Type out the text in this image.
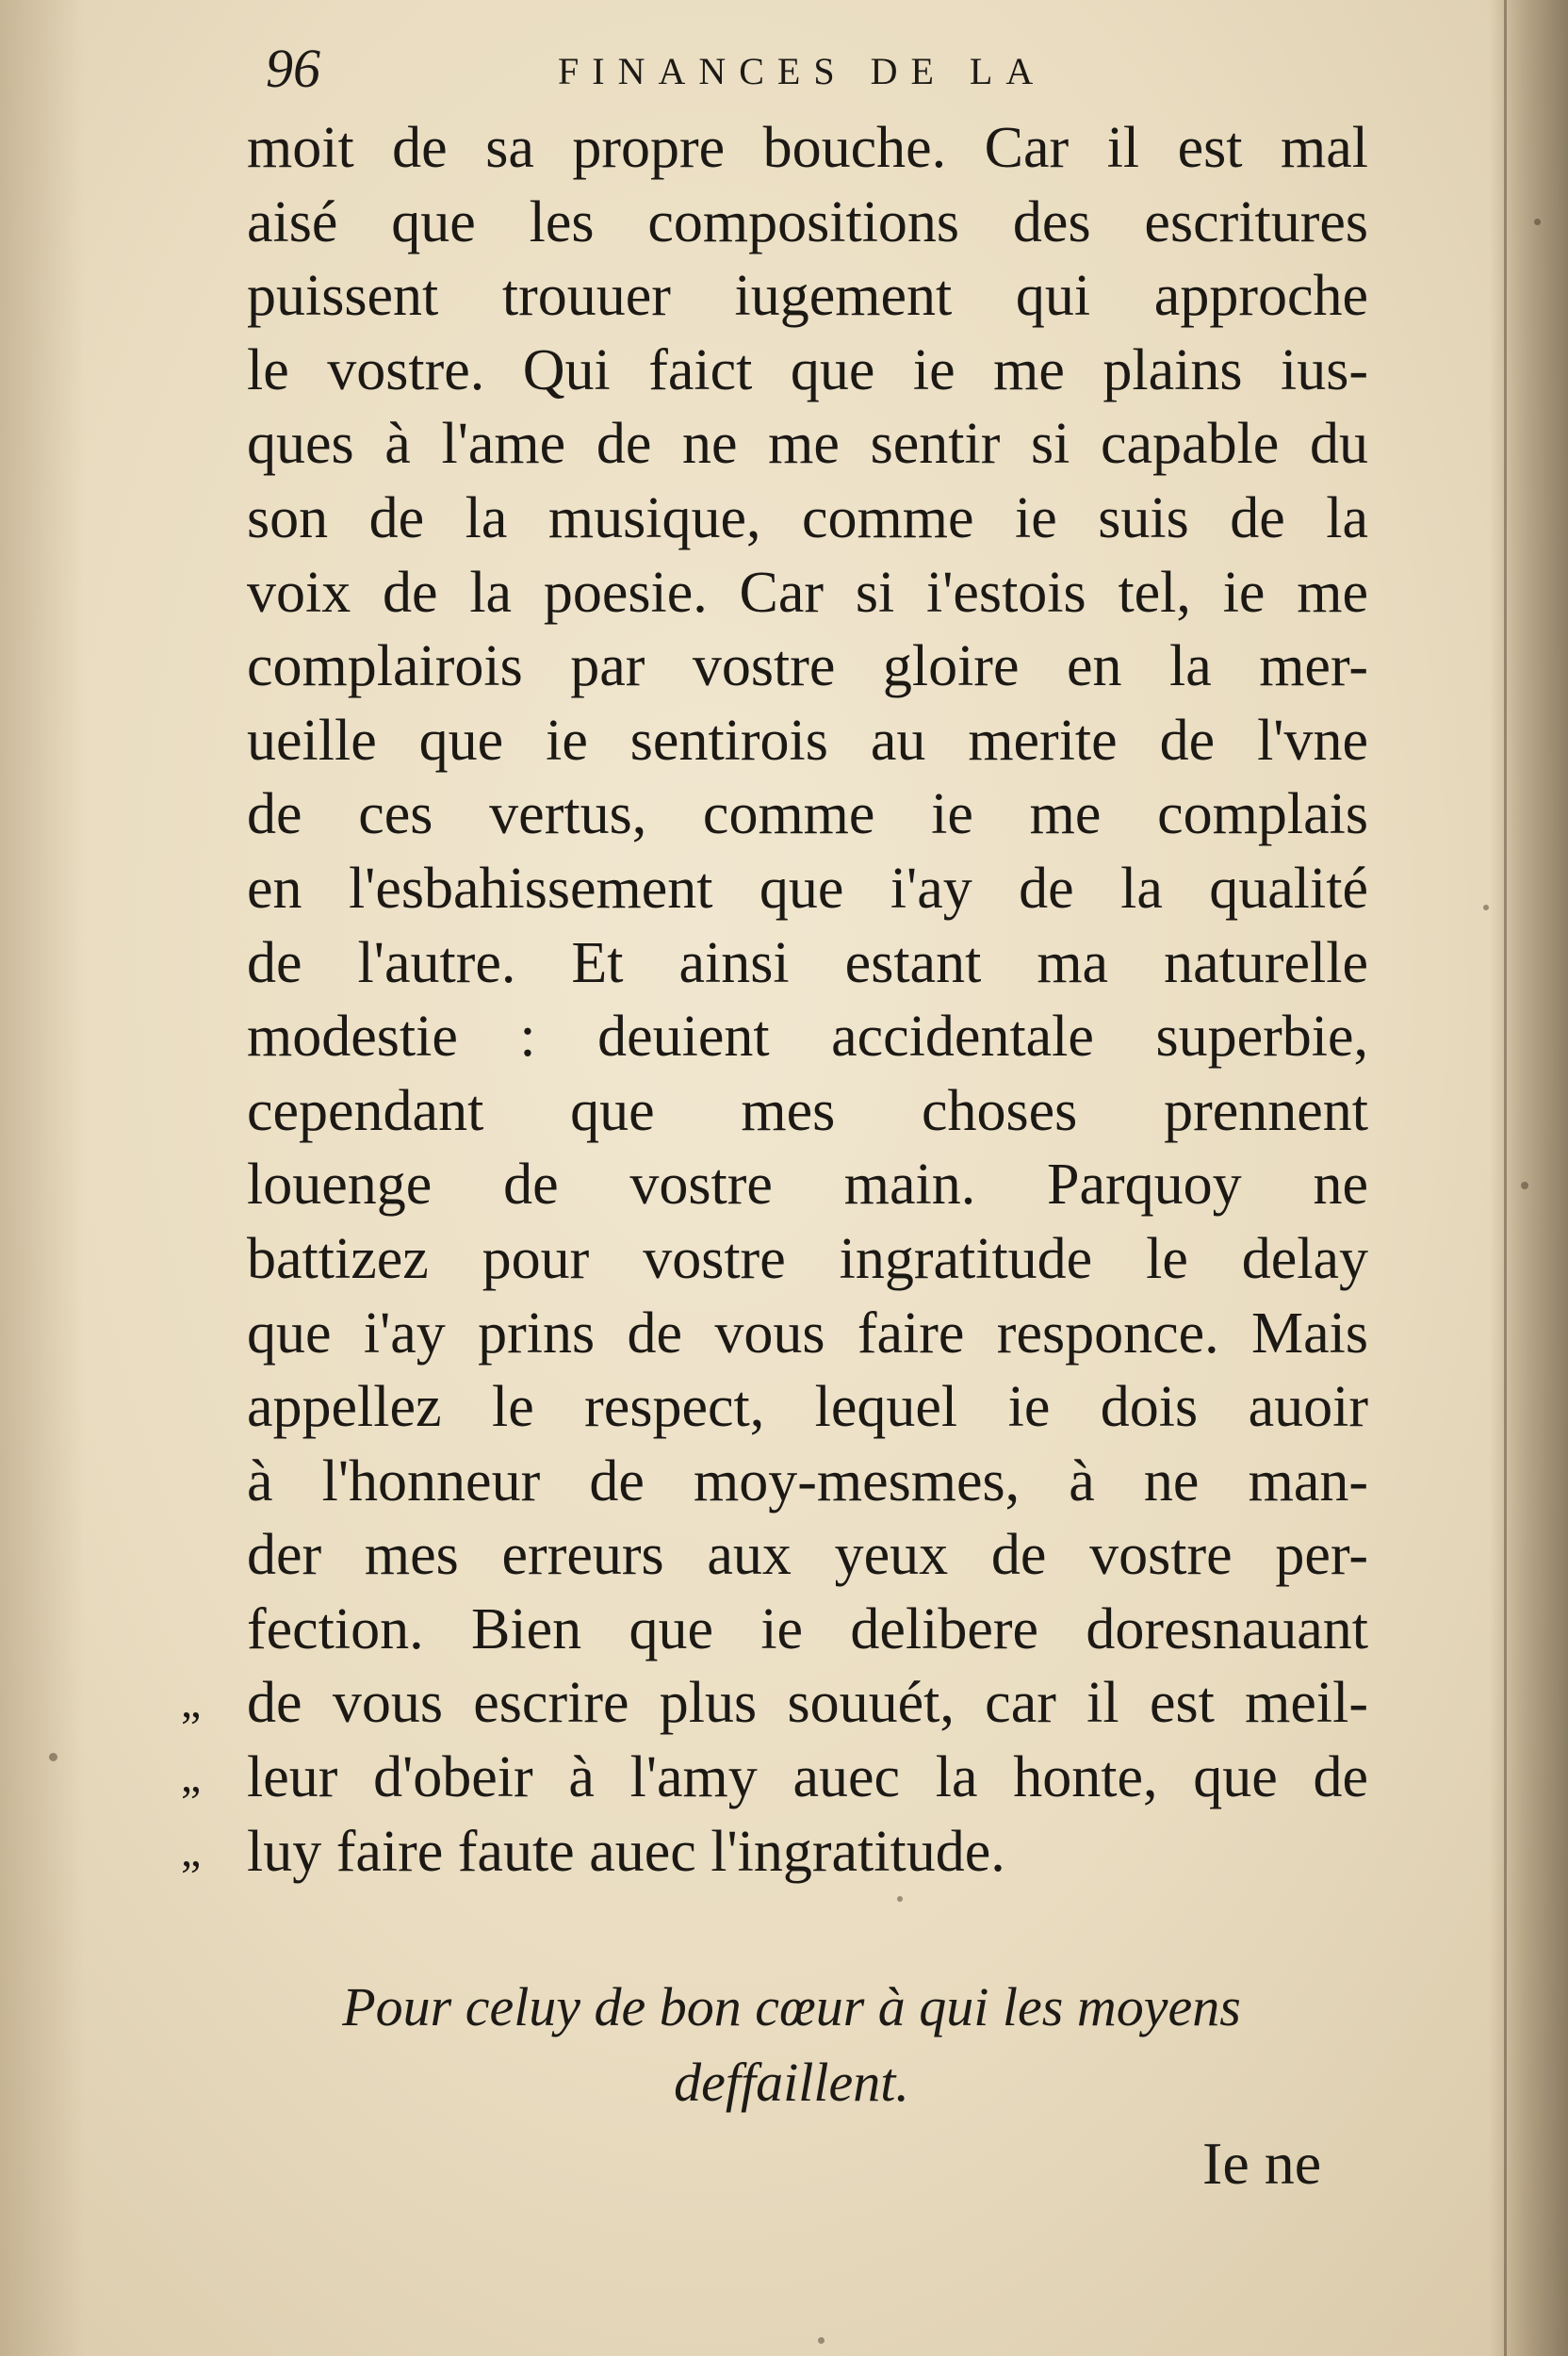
96	FINANCES DE LA
moit de sa propre bouche. Car il est mal
aisé que les compositions des escritures
puissent trouuer iugement qui approche
le vostre. Qui faict que ie me plains ius-
ques à l'ame de ne me sentir si capable du
son de la musique, comme ie suis de la
voix de la poesie. Car si i'estois tel, ie me
complairois par vostre gloire en la mer-
ueille que ie sentirois au merite de l'vne
de ces vertus, comme ie me complais
en l'esbahissement que i'ay de la qualité
de l'autre. Et ainsi estant ma naturelle
modestie : deuient accidentale superbie,
cependant que mes choses prennent
louenge de vostre main. Parquoy ne
battizez pour vostre ingratitude le delay
que i'ay prins de vous faire responce. Mais
appellez le respect, lequel ie dois auoir
à l'honneur de moy-mesmes, à ne man-
der mes erreurs aux yeux de vostre per-
fection. Bien que ie delibere doresnauant
„ de vous escrire plus souuét, car il est meil-
„ leur d'obeir à l'amy auec la honte, que de
„ luy faire faute auec l'ingratitude.
Pour celuy de bon cœur à qui les moyens
deffaillent.
Ie ne
